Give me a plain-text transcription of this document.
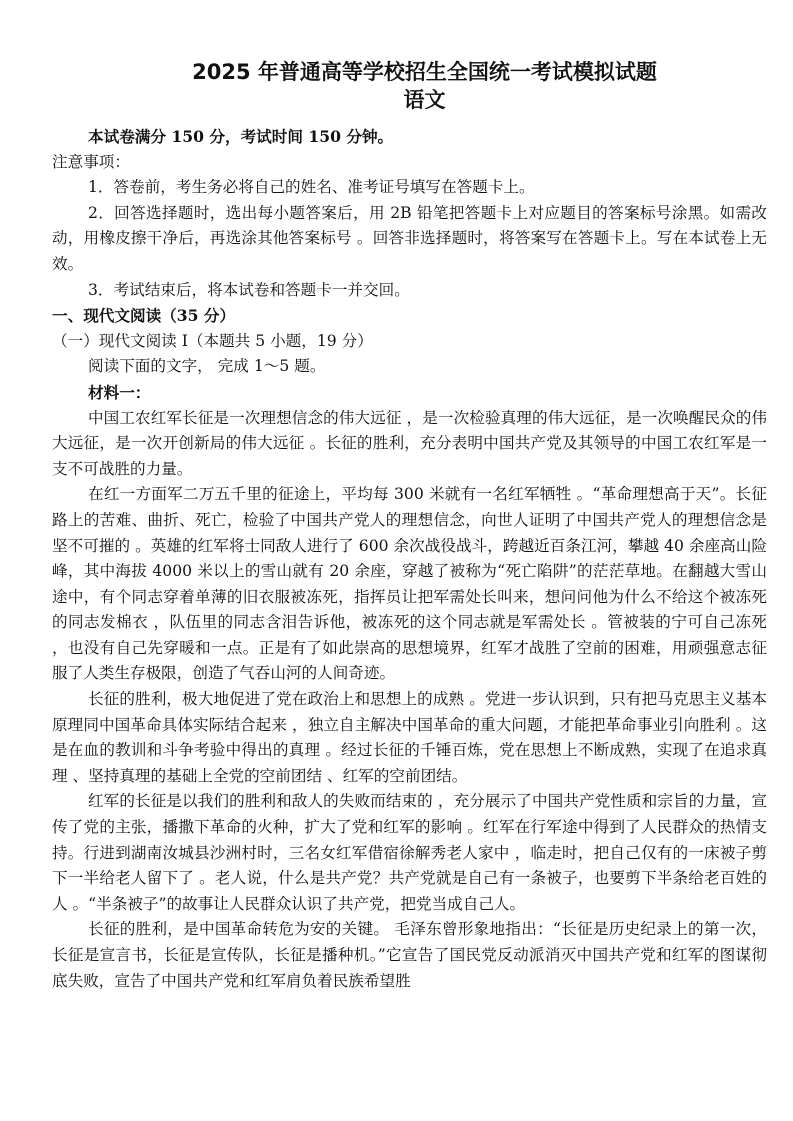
2025 年普通高等学校招生全国统一考试模拟试题
语文
本试卷满分 150 分，考试时间 150 分钟。
注意事项：
1．答卷前，考生务必将自己的姓名、准考证号填写在答题卡上。
2．回答选择题时，选出每小题答案后，用 2B 铅笔把答题卡上对应题目的答案标号涂黑。如需改动，用橡皮擦干净后，再选涂其他答案标号 。回答非选择题时，将答案写在答题卡上。写在本试卷上无效。
3．考试结束后，将本试卷和答题卡一并交回。
一、现代文阅读（35 分）
（一）现代文阅读 I（本题共 5 小题，19 分）
阅读下面的文字， 完成 1～5 题。
材料一：
中国工农红军长征是一次理想信念的伟大远征 ，是一次检验真理的伟大远征，是一次唤醒民众的伟大远征，是一次开创新局的伟大远征 。长征的胜利，充分表明中国共产党及其领导的中国工农红军是一支不可战胜的力量。
在红一方面军二万五千里的征途上，平均每 300 米就有一名红军牺牲 。“革命理想高于天”。长征路上的苦难、曲折、死亡，检验了中国共产党人的理想信念，向世人证明了中国共产党人的理想信念是坚不可摧的 。英雄的红军将士同敌人进行了 600 余次战役战斗，跨越近百条江河，攀越 40 余座高山险峰，其中海拔 4000 米以上的雪山就有 20 余座，穿越了被称为“死亡陷阱”的茫茫草地。在翻越大雪山途中，有个同志穿着单薄的旧衣服被冻死，指挥员让把军需处长叫来，想问问他为什么不给这个被冻死的同志发棉衣 ，队伍里的同志含泪告诉他，被冻死的这个同志就是军需处长 。管被装的宁可自己冻死 ，也没有自己先穿暖和一点。正是有了如此崇高的思想境界，红军才战胜了空前的困难，用顽强意志征服了人类生存极限，创造了气吞山河的人间奇迹。
长征的胜利，极大地促进了党在政治上和思想上的成熟 。党进一步认识到，只有把马克思主义基本原理同中国革命具体实际结合起来 ，独立自主解决中国革命的重大问题，才能把革命事业引向胜利 。这是在血的教训和斗争考验中得出的真理 。经过长征的千锤百炼，党在思想上不断成熟，实现了在追求真理 、坚持真理的基础上全党的空前团结 、红军的空前团结。
红军的长征是以我们的胜利和敌人的失败而结束的 ，充分展示了中国共产党性质和宗旨的力量，宣传了党的主张，播撒下革命的火种，扩大了党和红军的影响 。红军在行军途中得到了人民群众的热情支持。行进到湖南汝城县沙洲村时，三名女红军借宿徐解秀老人家中 ，临走时，把自己仅有的一床被子剪下一半给老人留下了 。老人说，什么是共产党？共产党就是自己有一条被子，也要剪下半条给老百姓的人 。“半条被子”的故事让人民群众认识了共产党，把党当成自己人。
长征的胜利，是中国革命转危为安的关键。 毛泽东曾形象地指出：“长征是历史纪录上的第一次，长征是宣言书，长征是宣传队，长征是播种机。”它宣告了国民党反动派消灭中国共产党和红军的图谋彻底失败，宣告了中国共产党和红军肩负着民族希望胜
